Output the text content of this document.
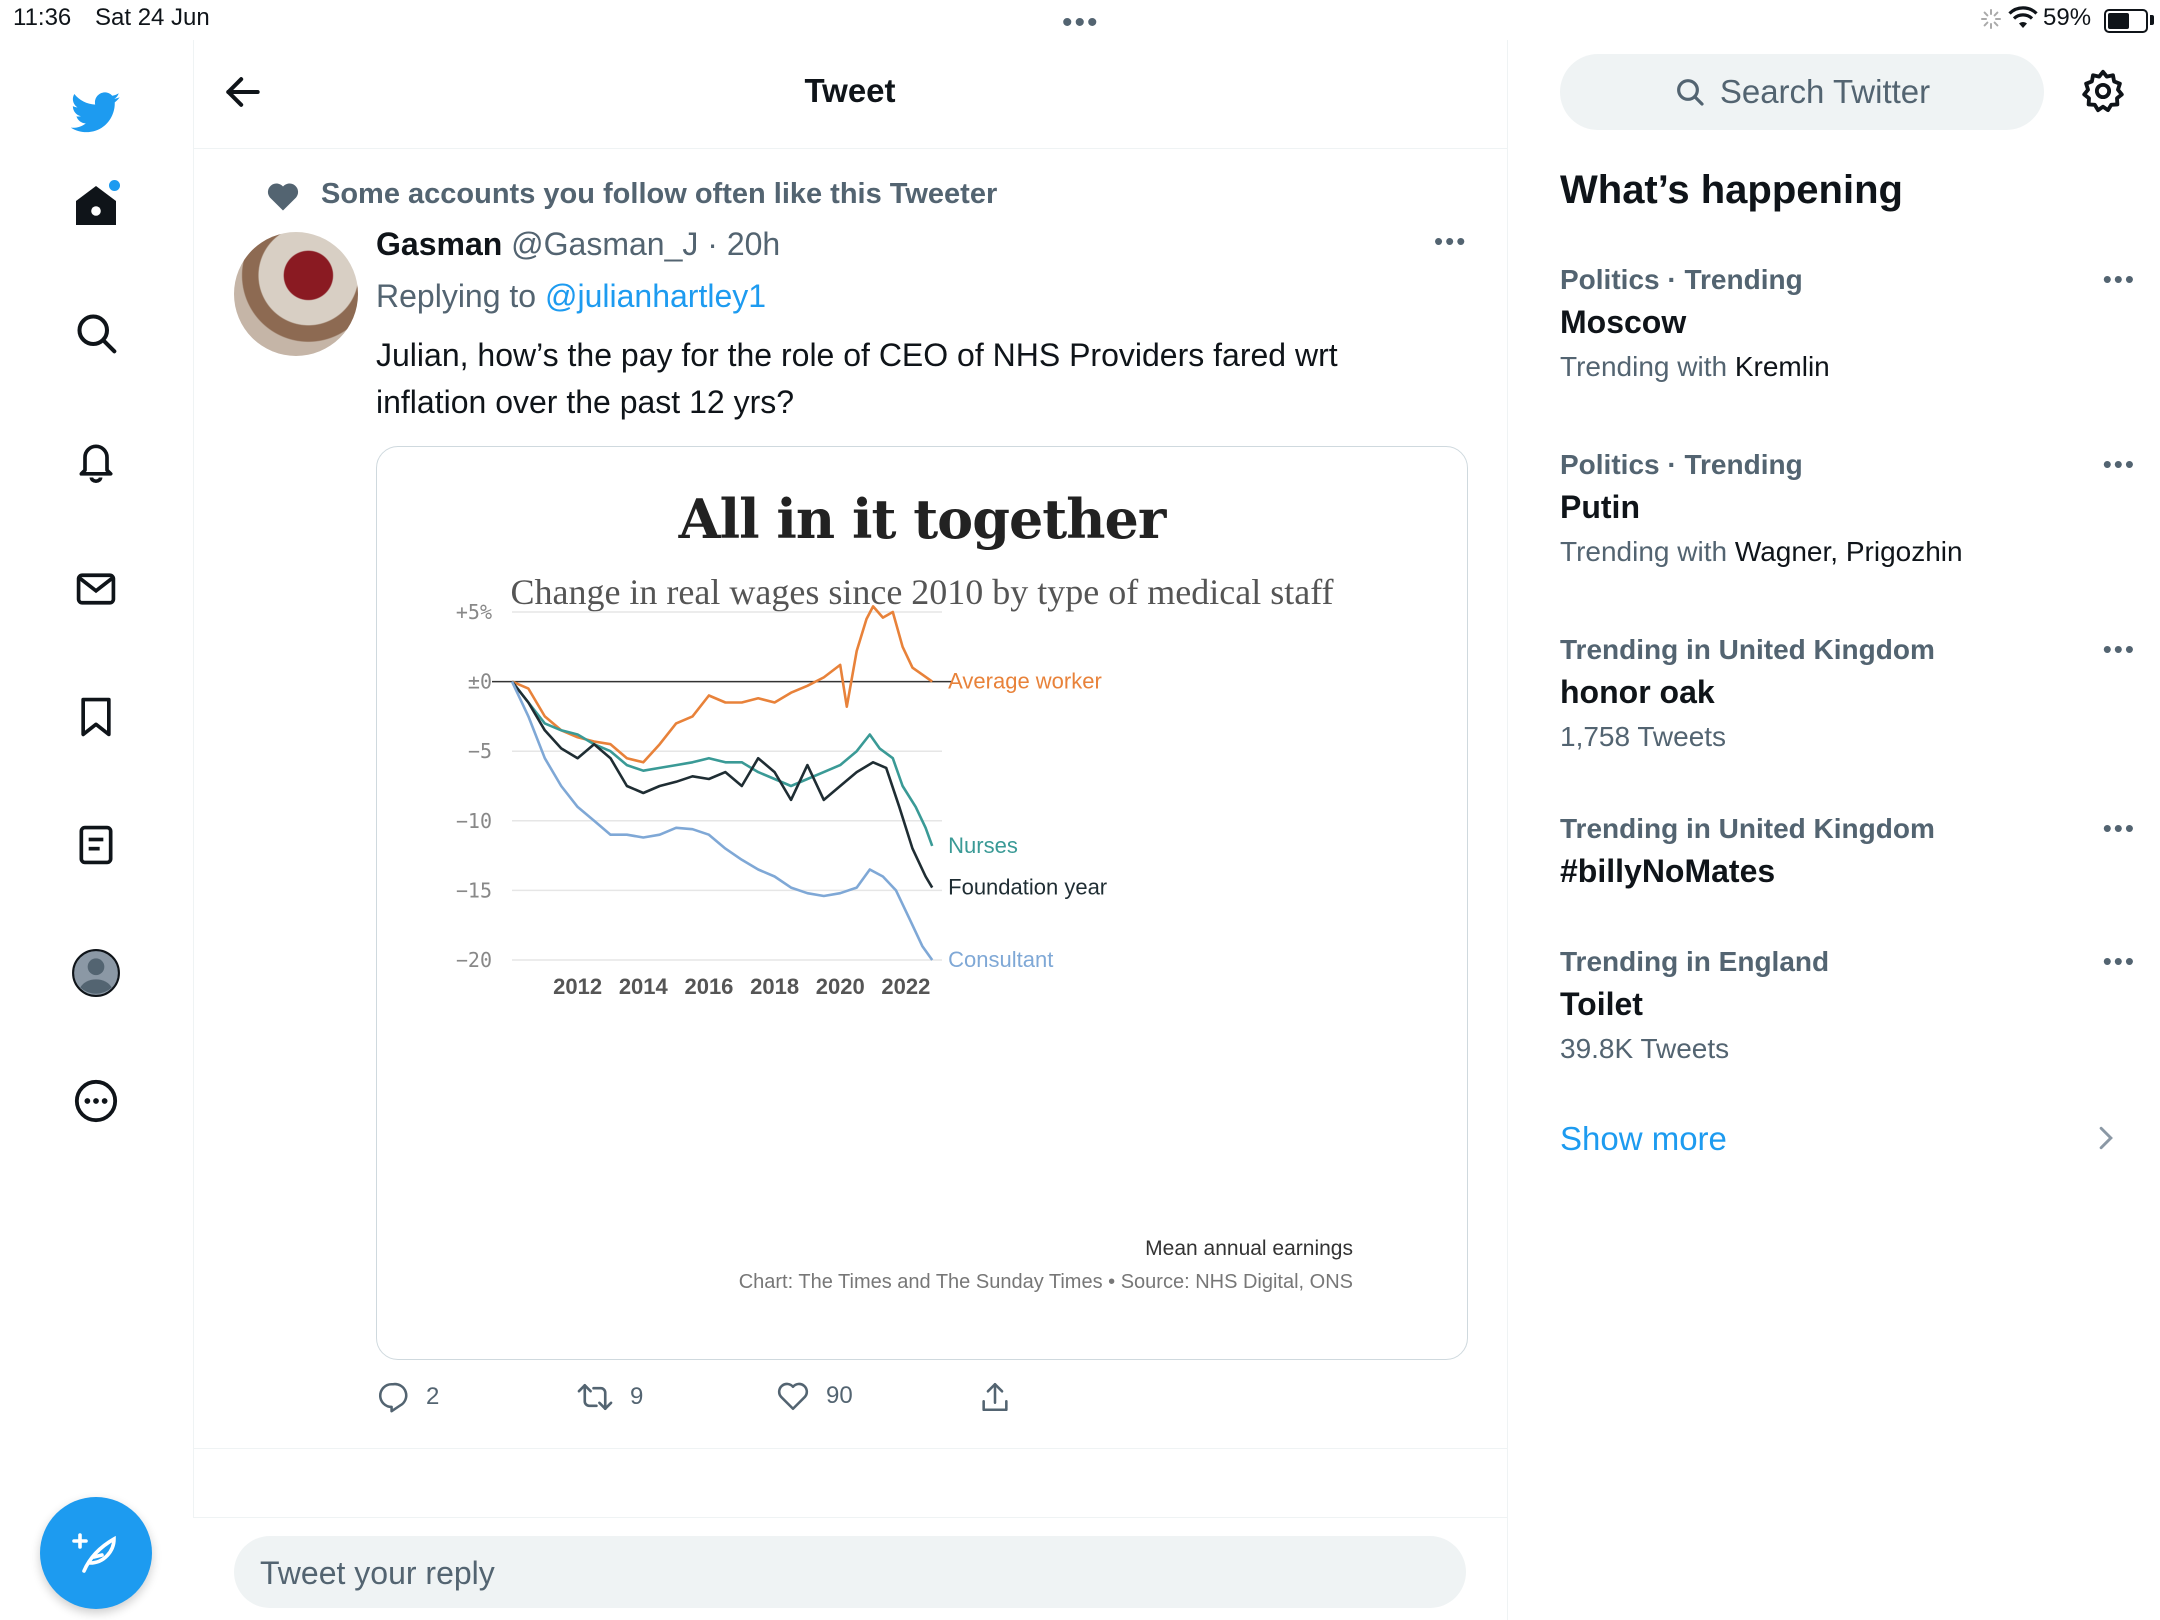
11:36 Sat 24 Jun	•••	59%
Tweet
Some accounts you follow often like this Tweeter
Gasman @Gasman_J · 20h	•••
Replying to @julianhartley1
Julian, how’s the pay for the role of CEO of NHS Providers fared wrt inflation over the past 12 yrs?
All in it together
Change in real wages since 2010 by type of medical staff
+5%
±0
−5
−10
−15
−20
2012 2014 2016 2018 2020 2022
Average worker
Nurses
Foundation year
Consultant
Mean annual earnings
Chart: The Times and The Sunday Times • Source: NHS Digital, ONS
2	9	90
Tweet your reply
Search Twitter
What’s happening
Politics · Trending
Moscow
Trending with Kremlin
•••
Politics · Trending
Putin
Trending with Wagner, Prigozhin
•••
Trending in United Kingdom
honor oak
1,758 Tweets
•••
Trending in United Kingdom
#billyNoMates
•••
Trending in England
Toilet
39.8K Tweets
•••
Show more
